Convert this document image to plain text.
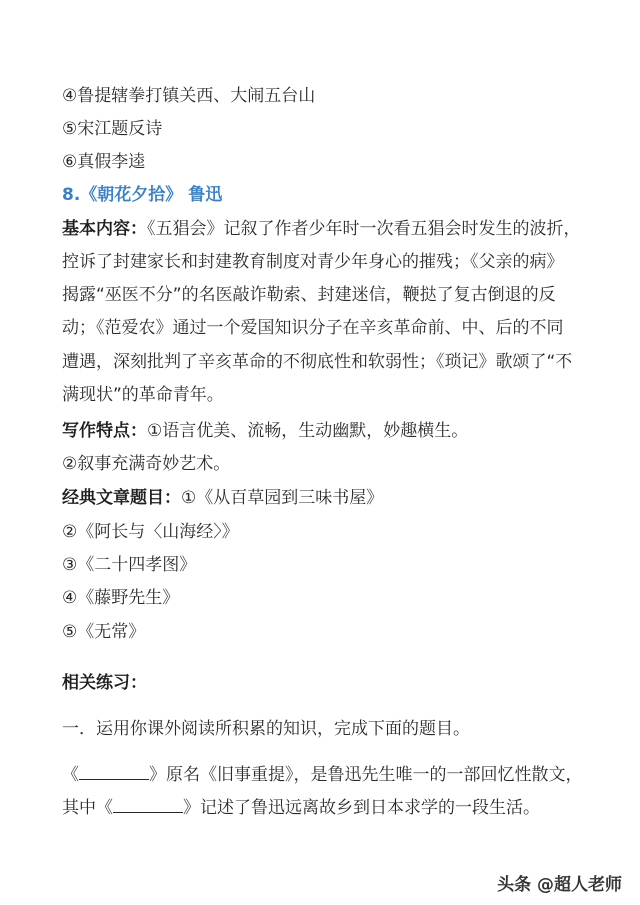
④鲁提辖拳打镇关西、大闹五台山
⑤宋江题反诗
⑥真假李逵
8.《朝花夕拾》 鲁迅
基本内容：《五猖会》记叙了作者少年时一次看五猖会时发生的波折，
控诉了封建家长和封建教育制度对青少年身心的摧残；《父亲的病》
揭露“巫医不分”的名医敲诈勒索、封建迷信，鞭挞了复古倒退的反
动；《范爱农》通过一个爱国知识分子在辛亥革命前、中、后的不同
遭遇，深刻批判了辛亥革命的不彻底性和软弱性；《琐记》歌颂了“不
满现状”的革命青年。
写作特点：①语言优美、流畅，生动幽默，妙趣横生。
②叙事充满奇妙艺术。
经典文章题目：①《从百草园到三味书屋》
②《阿长与〈山海经〉》
③《二十四孝图》
④《藤野先生》
⑤《无常》
相关练习：
一．运用你课外阅读所积累的知识，完成下面的题目。
《	》原名《旧事重提》，是鲁迅先生唯一的一部回忆性散文，
其中《	》记述了鲁迅远离故乡到日本求学的一段生活。
头条 @超人老师
